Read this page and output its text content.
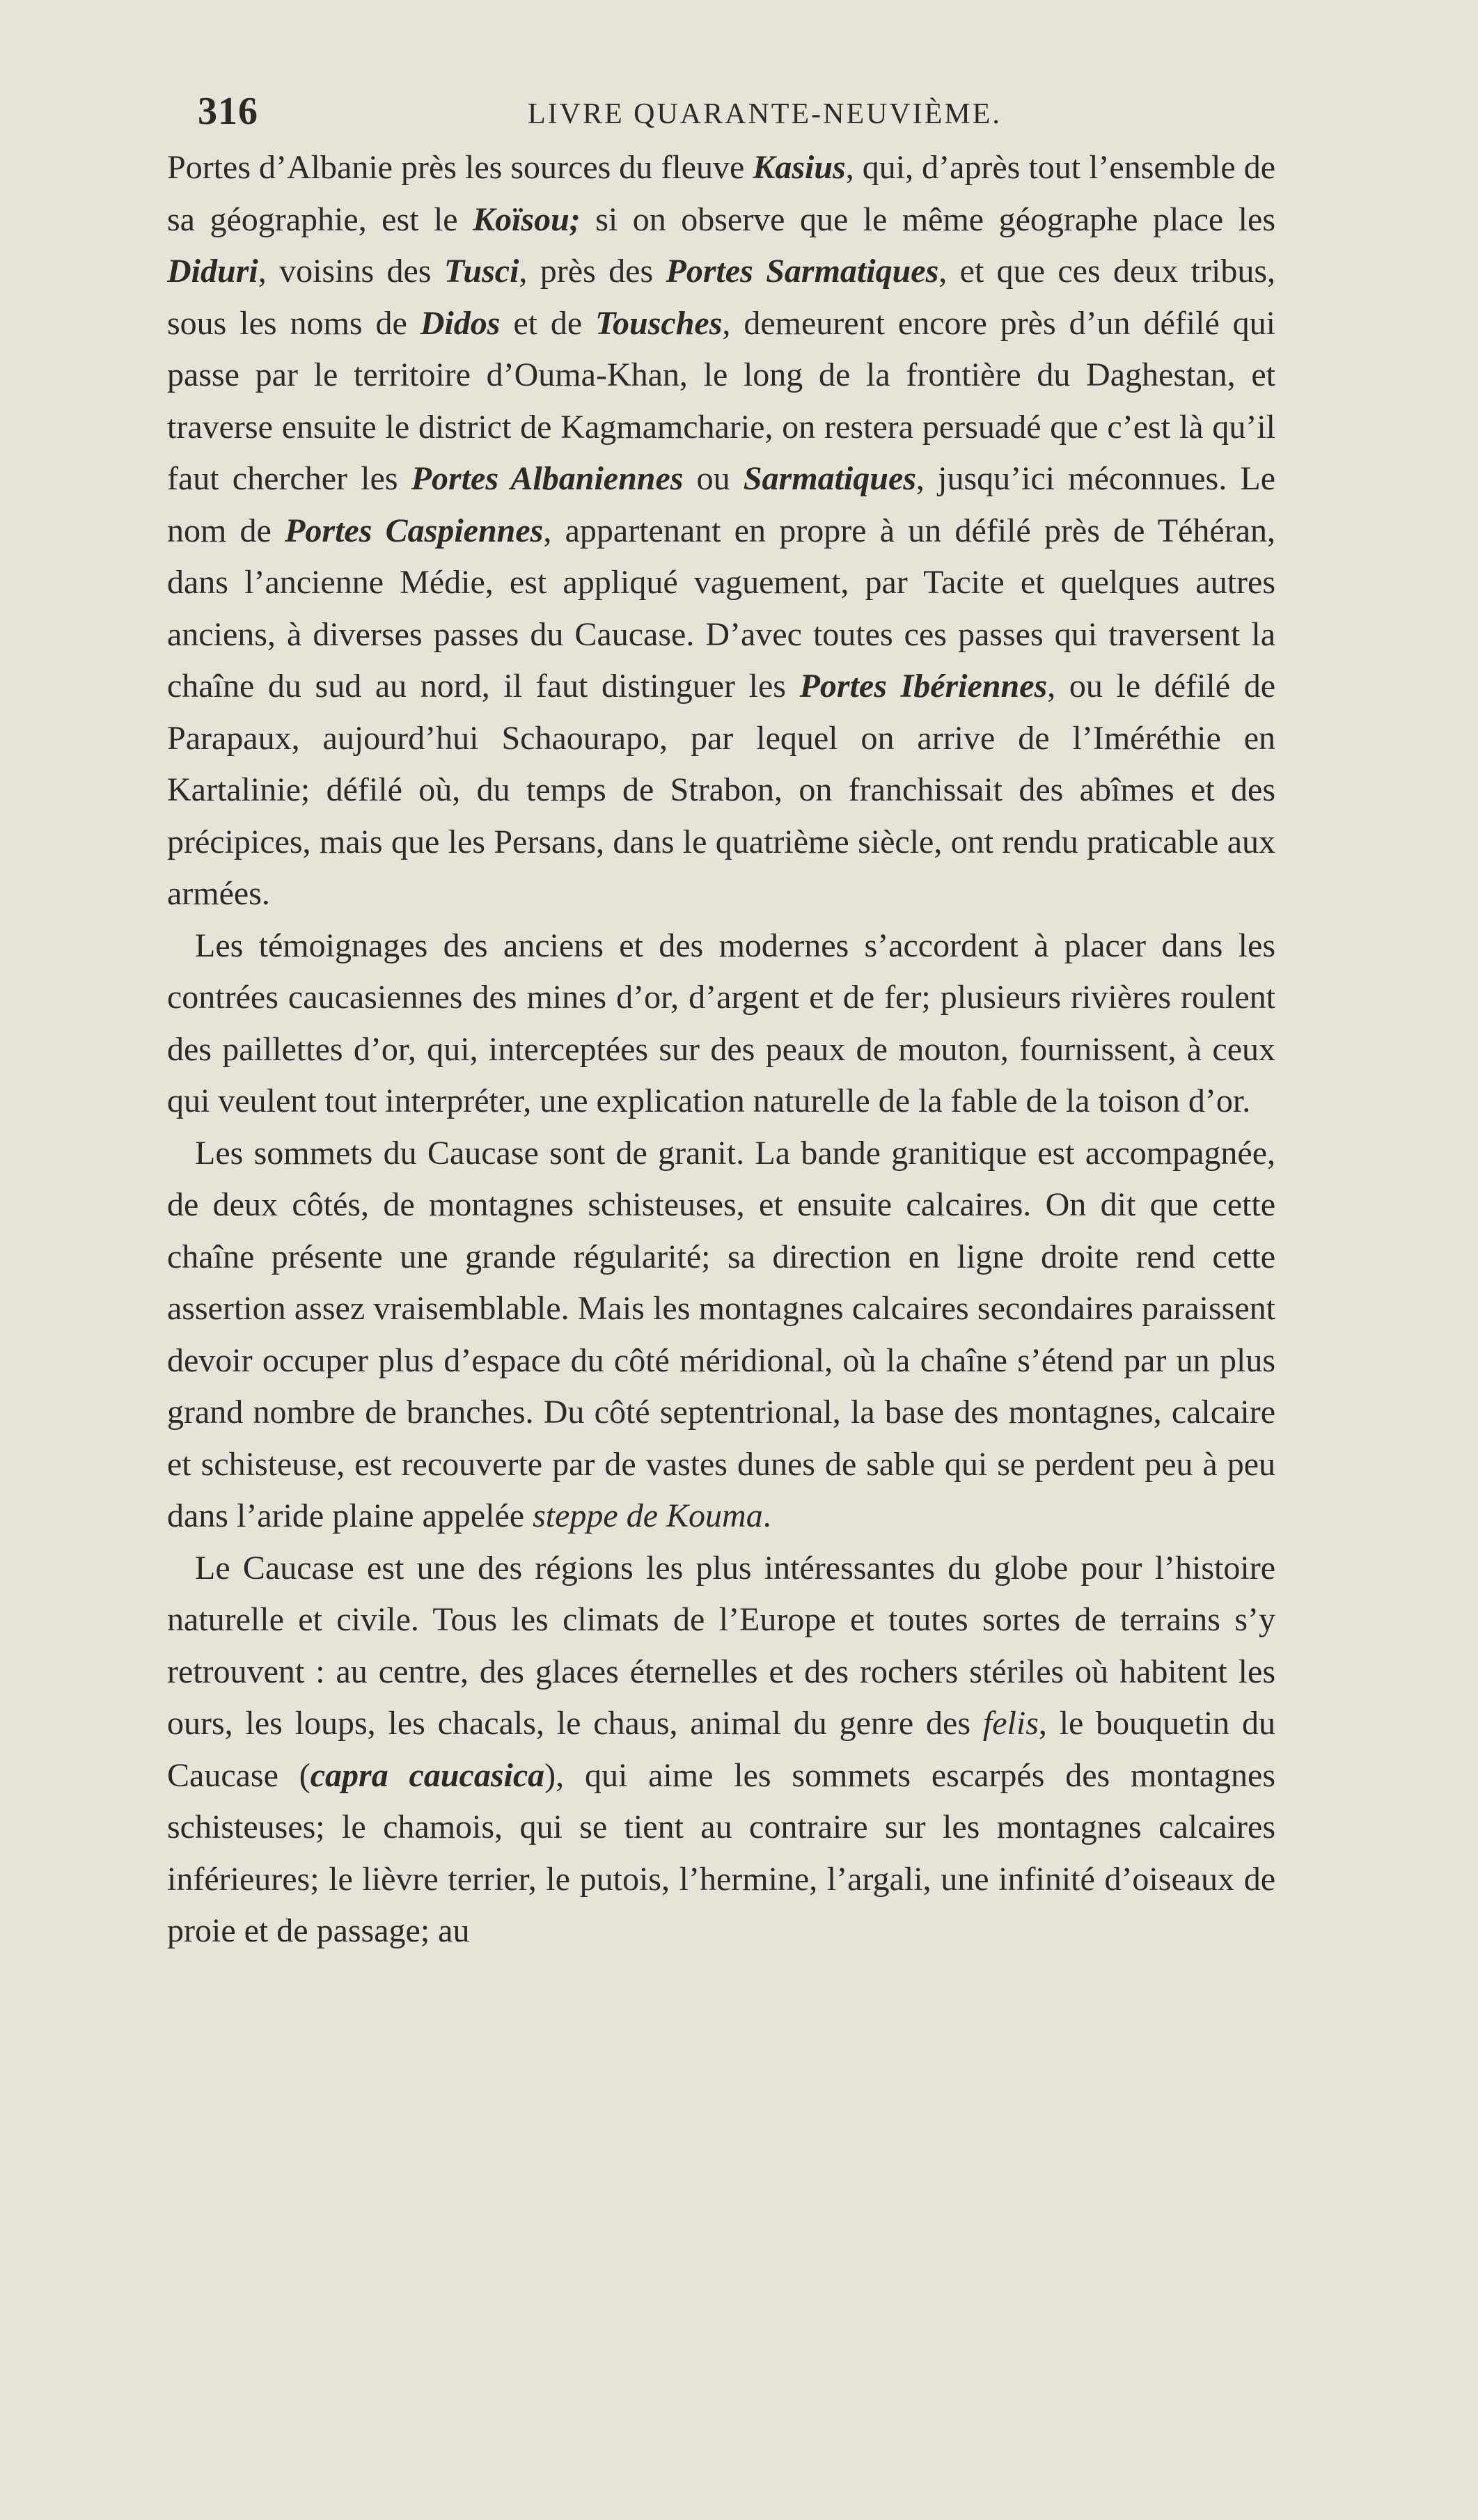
316	LIVRE QUARANTE-NEUVIÈME.

Portes d’Albanie près les sources du fleuve Kasius, qui, d’après tout l’ensemble de sa géographie, est le Koïsou; si on observe que le même géographe place les Diduri, voisins des Tusci, près des Portes Sarmatiques, et que ces deux tribus, sous les noms de Didos et de Tousches, demeurent encore près d’un défilé qui passe par le territoire d’Ouma-Khan, le long de la frontière du Daghestan, et traverse ensuite le district de Kagmamcharie, on restera persuadé que c’est là qu’il faut chercher les Portes Albaniennes ou Sarmatiques, jusqu’ici méconnues. Le nom de Portes Caspiennes, appartenant en propre à un défilé près de Téhéran, dans l’ancienne Médie, est appliqué vaguement, par Tacite et quelques autres anciens, à diverses passes du Caucase. D’avec toutes ces passes qui traversent la chaîne du sud au nord, il faut distinguer les Portes Ibériennes, ou le défilé de Parapaux, aujourd’hui Schaourapo, par lequel on arrive de l’Iméréthie en Kartalinie; défilé où, du temps de Strabon, on franchissait des abîmes et des précipices, mais que les Persans, dans le quatrième siècle, ont rendu praticable aux armées.

Les témoignages des anciens et des modernes s’accordent à placer dans les contrées caucasiennes des mines d’or, d’argent et de fer; plusieurs rivières roulent des paillettes d’or, qui, interceptées sur des peaux de mouton, fournissent, à ceux qui veulent tout interpréter, une explication naturelle de la fable de la toison d’or.

Les sommets du Caucase sont de granit. La bande granitique est accompagnée, de deux côtés, de montagnes schisteuses, et ensuite calcaires. On dit que cette chaîne présente une grande régularité; sa direction en ligne droite rend cette assertion assez vraisemblable. Mais les montagnes calcaires secondaires paraissent devoir occuper plus d’espace du côté méridional, où la chaîne s’étend par un plus grand nombre de branches. Du côté septentrional, la base des montagnes, calcaire et schisteuse, est recouverte par de vastes dunes de sable qui se perdent peu à peu dans l’aride plaine appelée steppe de Kouma.

Le Caucase est une des régions les plus intéressantes du globe pour l’histoire naturelle et civile. Tous les climats de l’Europe et toutes sortes de terrains s’y retrouvent : au centre, des glaces éternelles et des rochers stériles où habitent les ours, les loups, les chacals, le chaus, animal du genre des felis, le bouquetin du Caucase (capra caucasica), qui aime les sommets escarpés des montagnes schisteuses; le chamois, qui se tient au contraire sur les montagnes calcaires inférieures; le lièvre terrier, le putois, l’hermine, l’argali, une infinité d’oiseaux de proie et de passage; au
